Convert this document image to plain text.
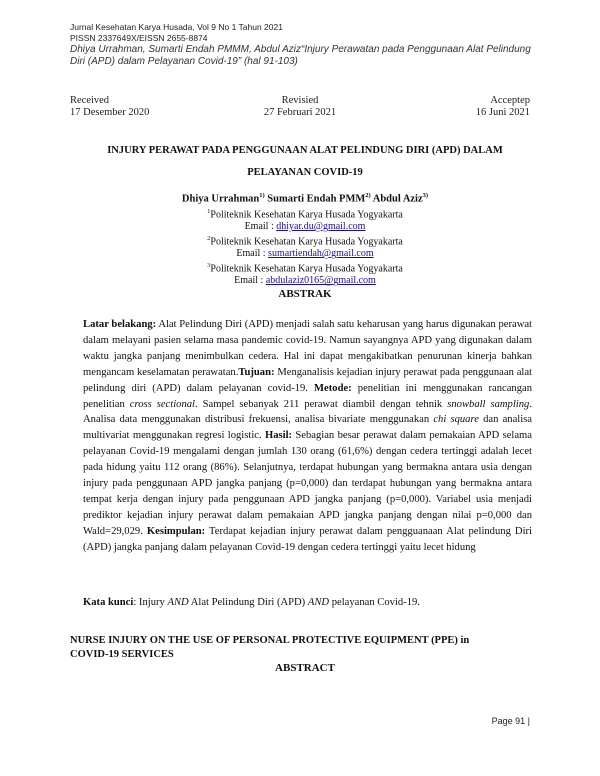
Jurnal Kesehatan Karya Husada, Vol 9 No 1 Tahun 2021
PISSN 2337649X/EISSN 2655-8874
Dhiya Urrahman, Sumarti Endah PMMM, Abdul Aziz“Injury Perawatan pada Penggunaan Alat Pelindung Diri (APD) dalam Pelayanan Covid-19” (hal 91-103)
Received
17 Desember 2020
Revisied
27 Februari 2021
Acceptep
16 Juni 2021
INJURY PERAWAT PADA PENGGUNAAN ALAT PELINDUNG DIRI (APD) DALAM
PELAYANAN COVID-19
Dhiya Urrahman$^{1)}$ Sumarti Endah PMM$^{2)}$ Abdul Aziz$^{3)}$
$^1$Politeknik Kesehatan Karya Husada Yogyakarta
Email : dhiyar.du@gmail.com
$^2$Politeknik Kesehatan Karya Husada Yogyakarta
Email : sumartiendah@gmail.com
$^3$Politeknik Kesehatan Karya Husada Yogyakarta
Email : abdulaziz0165@gmail.com
ABSTRAK
Latar belakang: Alat Pelindung Diri (APD) menjadi salah satu keharusan yang harus digunakan perawat dalam melayani pasien selama masa pandemic covid-19. Namun sayangnya APD yang digunakan dalam waktu jangka panjang menimbulkan cedera. Hal ini dapat mengakibatkan penurunan kinerja bahkan mengancam keselamatan perawatan.Tujuan: Menganalisis kejadian injury perawat pada penggunaan alat pelindung diri (APD) dalam pelayanan covid-19. Metode: penelitian ini menggunakan rancangan penelitian cross sectional. Sampel sebanyak 211 perawat diambil dengan tehnik snowball sampling. Analisa data menggunakan distribusi frekuensi, analisa bivariate menggunakan chi square dan analisa multivariat menggunakan regresi logistic. Hasil: Sebagian besar perawat dalam pemakaian APD selama pelayanan Covid-19 mengalami dengan jumlah 130 orang (61,6%) dengan cedera tertinggi adalah lecet pada hidung yaitu 112 orang (86%). Selanjutnya, terdapat hubungan yang bermakna antara usia dengan injury pada penggunaan APD jangka panjang (p=0,000) dan terdapat hubungan yang bermakna antara tempat kerja dengan injury pada penggunaan APD jangka panjang (p=0,000). Variabel usia menjadi prediktor kejadian injury perawat dalam pemakaian APD jangka panjang dengan nilai p=0,000 dan Wald=29,029. Kesimpulan: Terdapat kejadian injury perawat dalam pengguanaan Alat pelindung Diri (APD) jangka panjang dalam pelayanan Covid-19 dengan cedera tertinggi yaitu lecet hidung
Kata kunci: Injury AND Alat Pelindung Diri (APD) AND pelayanan Covid-19.
NURSE INJURY ON THE USE OF PERSONAL PROTECTIVE EQUIPMENT (PPE) in
COVID-19 SERVICES
ABSTRACT
Page 91 |
